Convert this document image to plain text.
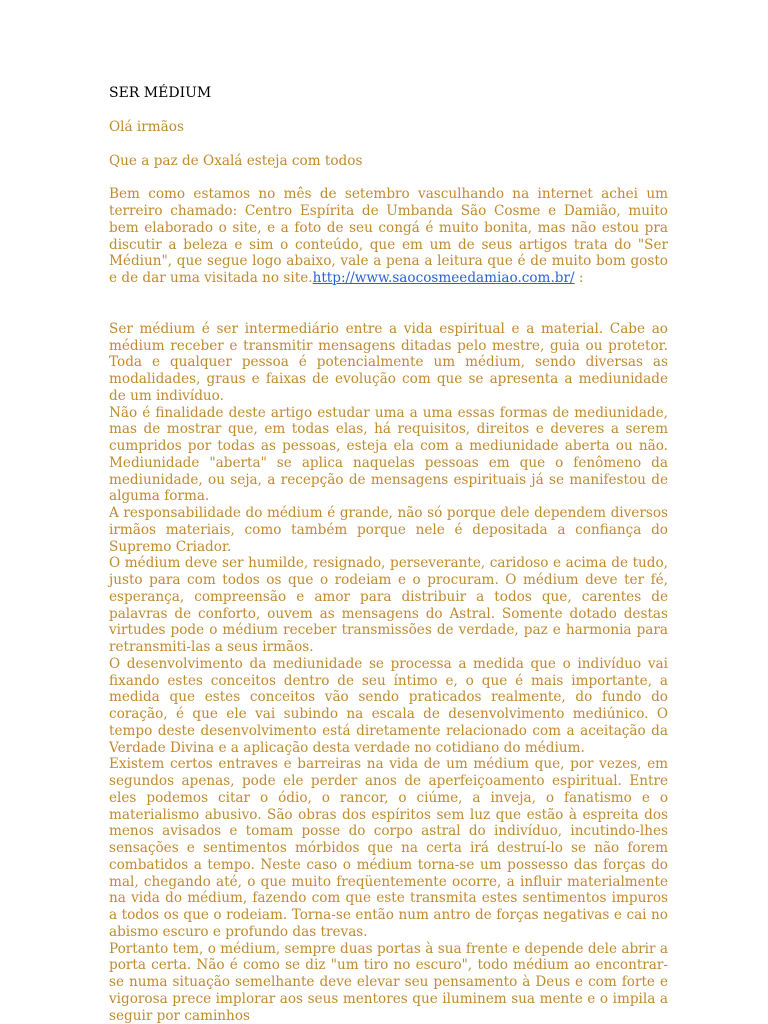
SER MÉDIUM

Olá irmãos

Que a paz de Oxalá esteja com todos

Bem como estamos no mês de setembro vasculhando na internet achei um terreiro chamado: Centro Espírita de Umbanda São Cosme e Damião, muito bem elaborado o site, e a foto de seu congá é muito bonita, mas não estou pra discutir a beleza e sim o conteúdo, que em um de seus artigos trata do "Ser Médiun", que segue logo abaixo, vale a pena a leitura que é de muito bom gosto e de dar uma visitada no site.http://www.saocosmeedamiao.com.br/ :

Ser médium é ser intermediário entre a vida espiritual e a material. Cabe ao médium receber e transmitir mensagens ditadas pelo mestre, guia ou protetor. Toda e qualquer pessoa é potencialmente um médium, sendo diversas as modalidades, graus e faixas de evolução com que se apresenta a mediunidade de um indivíduo.

Não é finalidade deste artigo estudar uma a uma essas formas de mediunidade, mas de mostrar que, em todas elas, há requisitos, direitos e deveres a serem cumpridos por todas as pessoas, esteja ela com a mediunidade aberta ou não. Mediunidade "aberta" se aplica naquelas pessoas em que o fenômeno da mediunidade, ou seja, a recepção de mensagens espirituais já se manifestou de alguma forma.

A responsabilidade do médium é grande, não só porque dele dependem diversos irmãos materiais, como também porque nele é depositada a confiança do Supremo Criador.

O médium deve ser humilde, resignado, perseverante, caridoso e acima de tudo, justo para com todos os que o rodeiam e o procuram. O médium deve ter fé, esperança, compreensão e amor para distribuir a todos que, carentes de palavras de conforto, ouvem as mensagens do Astral. Somente dotado destas virtudes pode o médium receber transmissões de verdade, paz e harmonia para retransmiti-las a seus irmãos.

O desenvolvimento da mediunidade se processa a medida que o indivíduo vai fixando estes conceitos dentro de seu íntimo e, o que é mais importante, a medida que estes conceitos vão sendo praticados realmente, do fundo do coração, é que ele vai subindo na escala de desenvolvimento mediúnico. O tempo deste desenvolvimento está diretamente relacionado com a aceitação da Verdade Divina e a aplicação desta verdade no cotidiano do médium.

Existem certos entraves e barreiras na vida de um médium que, por vezes, em segundos apenas, pode ele perder anos de aperfeiçoamento espiritual. Entre eles podemos citar o ódio, o rancor, o ciúme, a inveja, o fanatismo e o materialismo abusivo. São obras dos espíritos sem luz que estão à espreita dos menos avisados e tomam posse do corpo astral do indivíduo, incutindo-lhes sensações e sentimentos mórbidos que na certa irá destruí-lo se não forem combatidos a tempo. Neste caso o médium torna-se um possesso das forças do mal, chegando até, o que muito freqüentemente ocorre, a influir materialmente na vida do médium, fazendo com que este transmita estes sentimentos impuros a todos os que o rodeiam. Torna-se então num antro de forças negativas e cai no abismo escuro e profundo das trevas.

Portanto tem, o médium, sempre duas portas à sua frente e depende dele abrir a porta certa. Não é como se diz "um tiro no escuro", todo médium ao encontrar-se numa situação semelhante deve elevar seu pensamento à Deus e com forte e vigorosa prece implorar aos seus mentores que iluminem sua mente e o impila a seguir por caminhos
